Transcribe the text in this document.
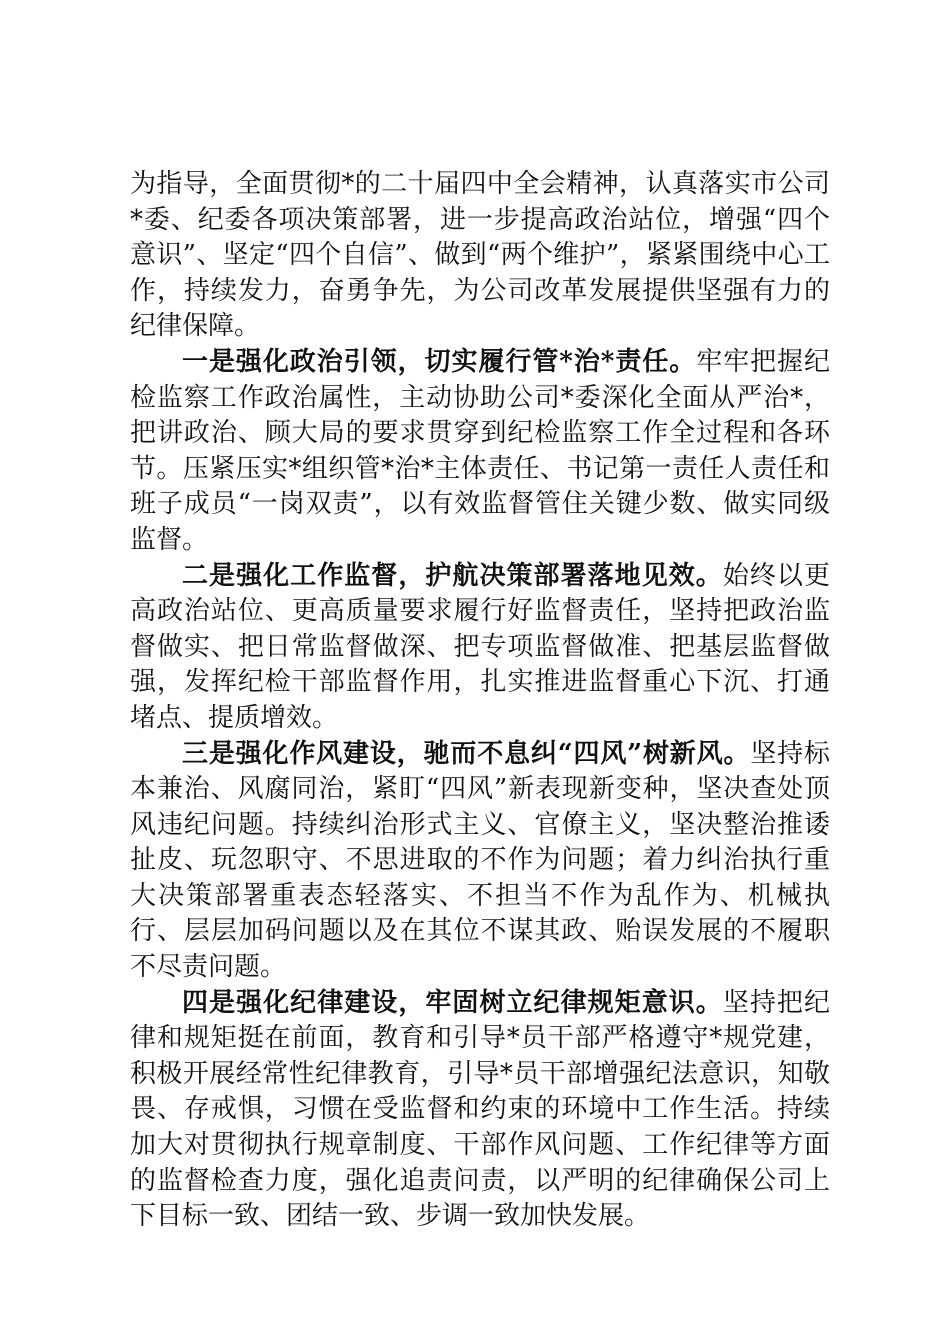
为指导，全面贯彻*的二十届四中全会精神，认真落实市公司*委、纪委各项决策部署，进一步提高政治站位，增强“四个意识”、坚定“四个自信”、做到“两个维护”，紧紧围绕中心工作，持续发力，奋勇争先，为公司改革发展提供坚强有力的纪律保障。

一是强化政治引领，切实履行管*治*责任。牢牢把握纪检监察工作政治属性，主动协助公司*委深化全面从严治*，把讲政治、顾大局的要求贯穿到纪检监察工作全过程和各环节。压紧压实*组织管*治*主体责任、书记第一责任人责任和班子成员“一岗双责”，以有效监督管住关键少数、做实同级监督。

二是强化工作监督，护航决策部署落地见效。始终以更高政治站位、更高质量要求履行好监督责任，坚持把政治监督做实、把日常监督做深、把专项监督做准、把基层监督做强，发挥纪检干部监督作用，扎实推进监督重心下沉、打通堵点、提质增效。

三是强化作风建设，驰而不息纠“四风”树新风。坚持标本兼治、风腐同治，紧盯“四风”新表现新变种，坚决查处顶风违纪问题。持续纠治形式主义、官僚主义，坚决整治推诿扯皮、玩忽职守、不思进取的不作为问题；着力纠治执行重大决策部署重表态轻落实、不担当不作为乱作为、机械执行、层层加码问题以及在其位不谋其政、贻误发展的不履职不尽责问题。

四是强化纪律建设，牢固树立纪律规矩意识。坚持把纪律和规矩挺在前面，教育和引导*员干部严格遵守*规党建，积极开展经常性纪律教育，引导*员干部增强纪法意识，知敬畏、存戒惧，习惯在受监督和约束的环境中工作生活。持续加大对贯彻执行规章制度、干部作风问题、工作纪律等方面的监督检查力度，强化追责问责，以严明的纪律确保公司上下目标一致、团结一致、步调一致加快发展。
